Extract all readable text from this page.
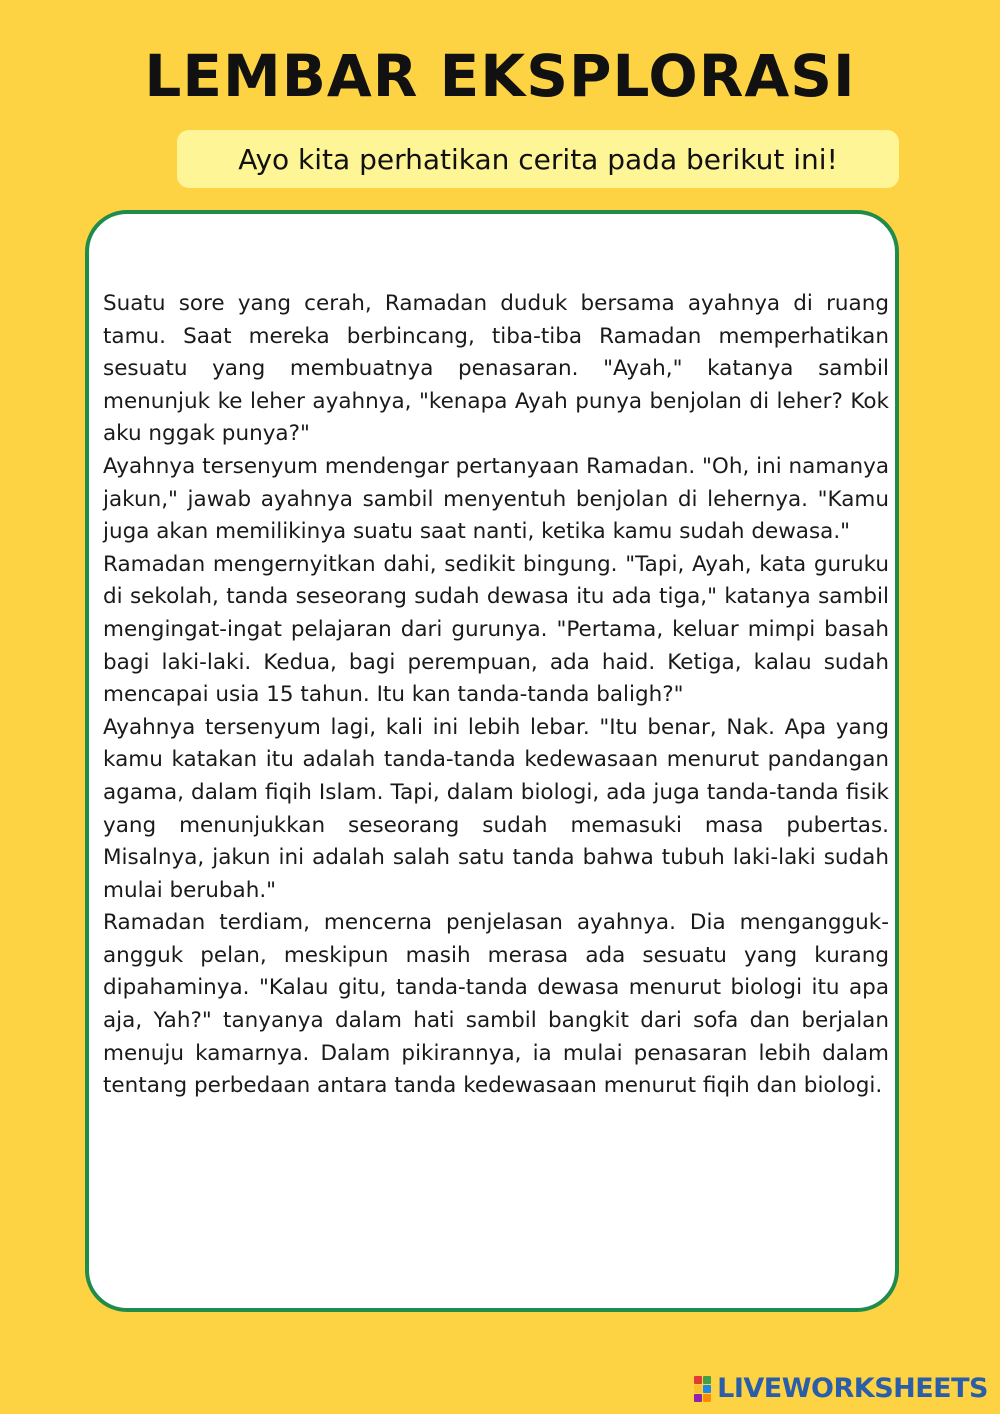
LEMBAR EKSPLORASI
Ayo kita perhatikan cerita pada berikut ini!

Suatu sore yang cerah, Ramadan duduk bersama ayahnya di ruang tamu. Saat mereka berbincang, tiba-tiba Ramadan memperhatikan sesuatu yang membuatnya penasaran. "Ayah," katanya sambil menunjuk ke leher ayahnya, "kenapa Ayah punya benjolan di leher? Kok aku nggak punya?"

Ayahnya tersenyum mendengar pertanyaan Ramadan. "Oh, ini namanya jakun," jawab ayahnya sambil menyentuh benjolan di lehernya. "Kamu juga akan memilikinya suatu saat nanti, ketika kamu sudah dewasa."

Ramadan mengernyitkan dahi, sedikit bingung. "Tapi, Ayah, kata guruku di sekolah, tanda seseorang sudah dewasa itu ada tiga," katanya sambil mengingat-ingat pelajaran dari gurunya. "Pertama, keluar mimpi basah bagi laki-laki. Kedua, bagi perempuan, ada haid. Ketiga, kalau sudah mencapai usia 15 tahun. Itu kan tanda-tanda baligh?"

Ayahnya tersenyum lagi, kali ini lebih lebar. "Itu benar, Nak. Apa yang kamu katakan itu adalah tanda-tanda kedewasaan menurut pandangan agama, dalam fiqih Islam. Tapi, dalam biologi, ada juga tanda-tanda fisik yang menunjukkan seseorang sudah memasuki masa pubertas. Misalnya, jakun ini adalah salah satu tanda bahwa tubuh laki-laki sudah mulai berubah."

Ramadan terdiam, mencerna penjelasan ayahnya. Dia mengangguk-angguk pelan, meskipun masih merasa ada sesuatu yang kurang dipahaminya. "Kalau gitu, tanda-tanda dewasa menurut biologi itu apa aja, Yah?" tanyanya dalam hati sambil bangkit dari sofa dan berjalan menuju kamarnya. Dalam pikirannya, ia mulai penasaran lebih dalam tentang perbedaan antara tanda kedewasaan menurut fiqih dan biologi.

LIVEWORKSHEETS
